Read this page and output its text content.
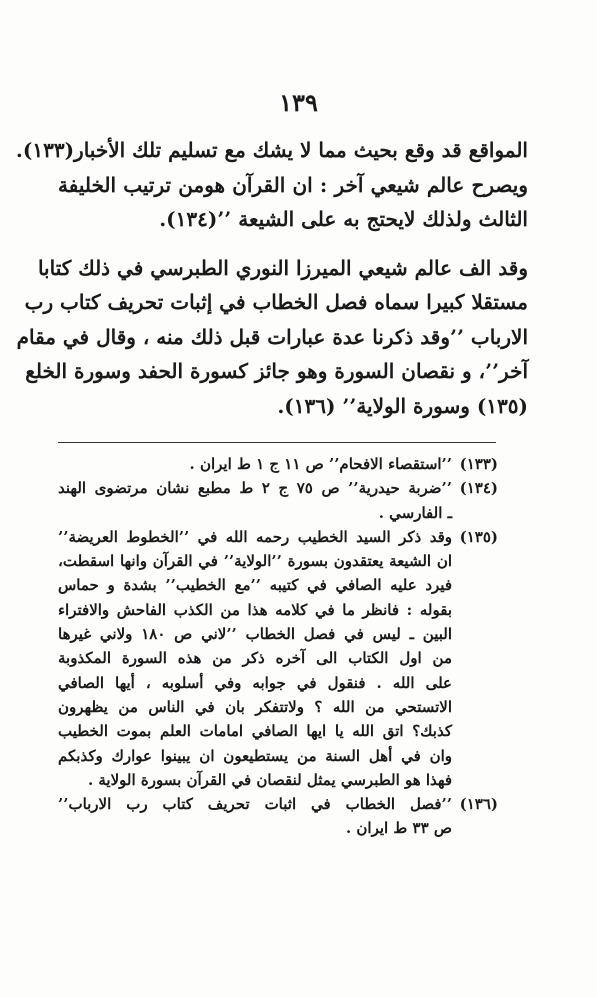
١٣٩
المواقع قد وقع بحيث مما لا يشك مع تسليم تلك الأخبار(١٣٣).
ويصرح عالم شيعي آخر : ان القرآن هومن ترتيب الخليفة
الثالث ولذلك لايحتج به على الشيعة ’’(١٣٤).
وقد الف عالم شيعي الميرزا النوري الطبرسي في ذلك كتابا
مستقلا كبيرا سماه فصل الخطاب في إثبات تحريف كتاب رب
الارباب ’’وقد ذكرنا عدة عبارات قبل ذلك منه ، وقال في مقام
آخر’’، و نقصان السورة وهو جائز كسورة الحفد وسورة الخلع
(١٣٥) وسورة الولاية’’ (١٣٦).
(١٣٣)
’’استقصاء الافحام’’ ص ١١ ج ١ ط ايران .
(١٣٤)
’’ضربة حيدرية’’ ص ٧٥ ج ٢ ط مطبع نشان مرتضوى الهند
ـ الفارسي .
(١٣٥)
وقد ذكر السيد الخطيب رحمه الله في ’’الخطوط العريضة’’
ان الشيعة يعتقدون بسورة ’’الولاية’’ في القرآن وانها اسقطت،
فيرد عليه الصافي في كتيبه ’’مع الخطيب’’ بشدة و حماس
بقوله : فانظر ما في كلامه هذا من الكذب الفاحش والافتراء
البين ـ ليس في فصل الخطاب ’’لاني ص ١٨٠ ولاني غيرها
من اول الكتاب الى آخره ذكر من هذه السورة المكذوبة
على الله . فنقول في جوابه وفي أسلوبه ، أيها الصافي
الاتستحي من الله ؟ ولاتتفكر بان في الناس من يظهرون
كذبك؟ اتق الله يا ايها الصافي امامات العلم بموت الخطيب
وان في أهل السنة من يستطيعون ان يبينوا عوارك وكذبكم
فهذا هو الطبرسي يمثل لنقصان في القرآن بسورة الولاية .
(١٣٦)
’’فصل الخطاب في اثبات تحريف كتاب رب الارباب’’
ص ٣٣ ط ايران .
